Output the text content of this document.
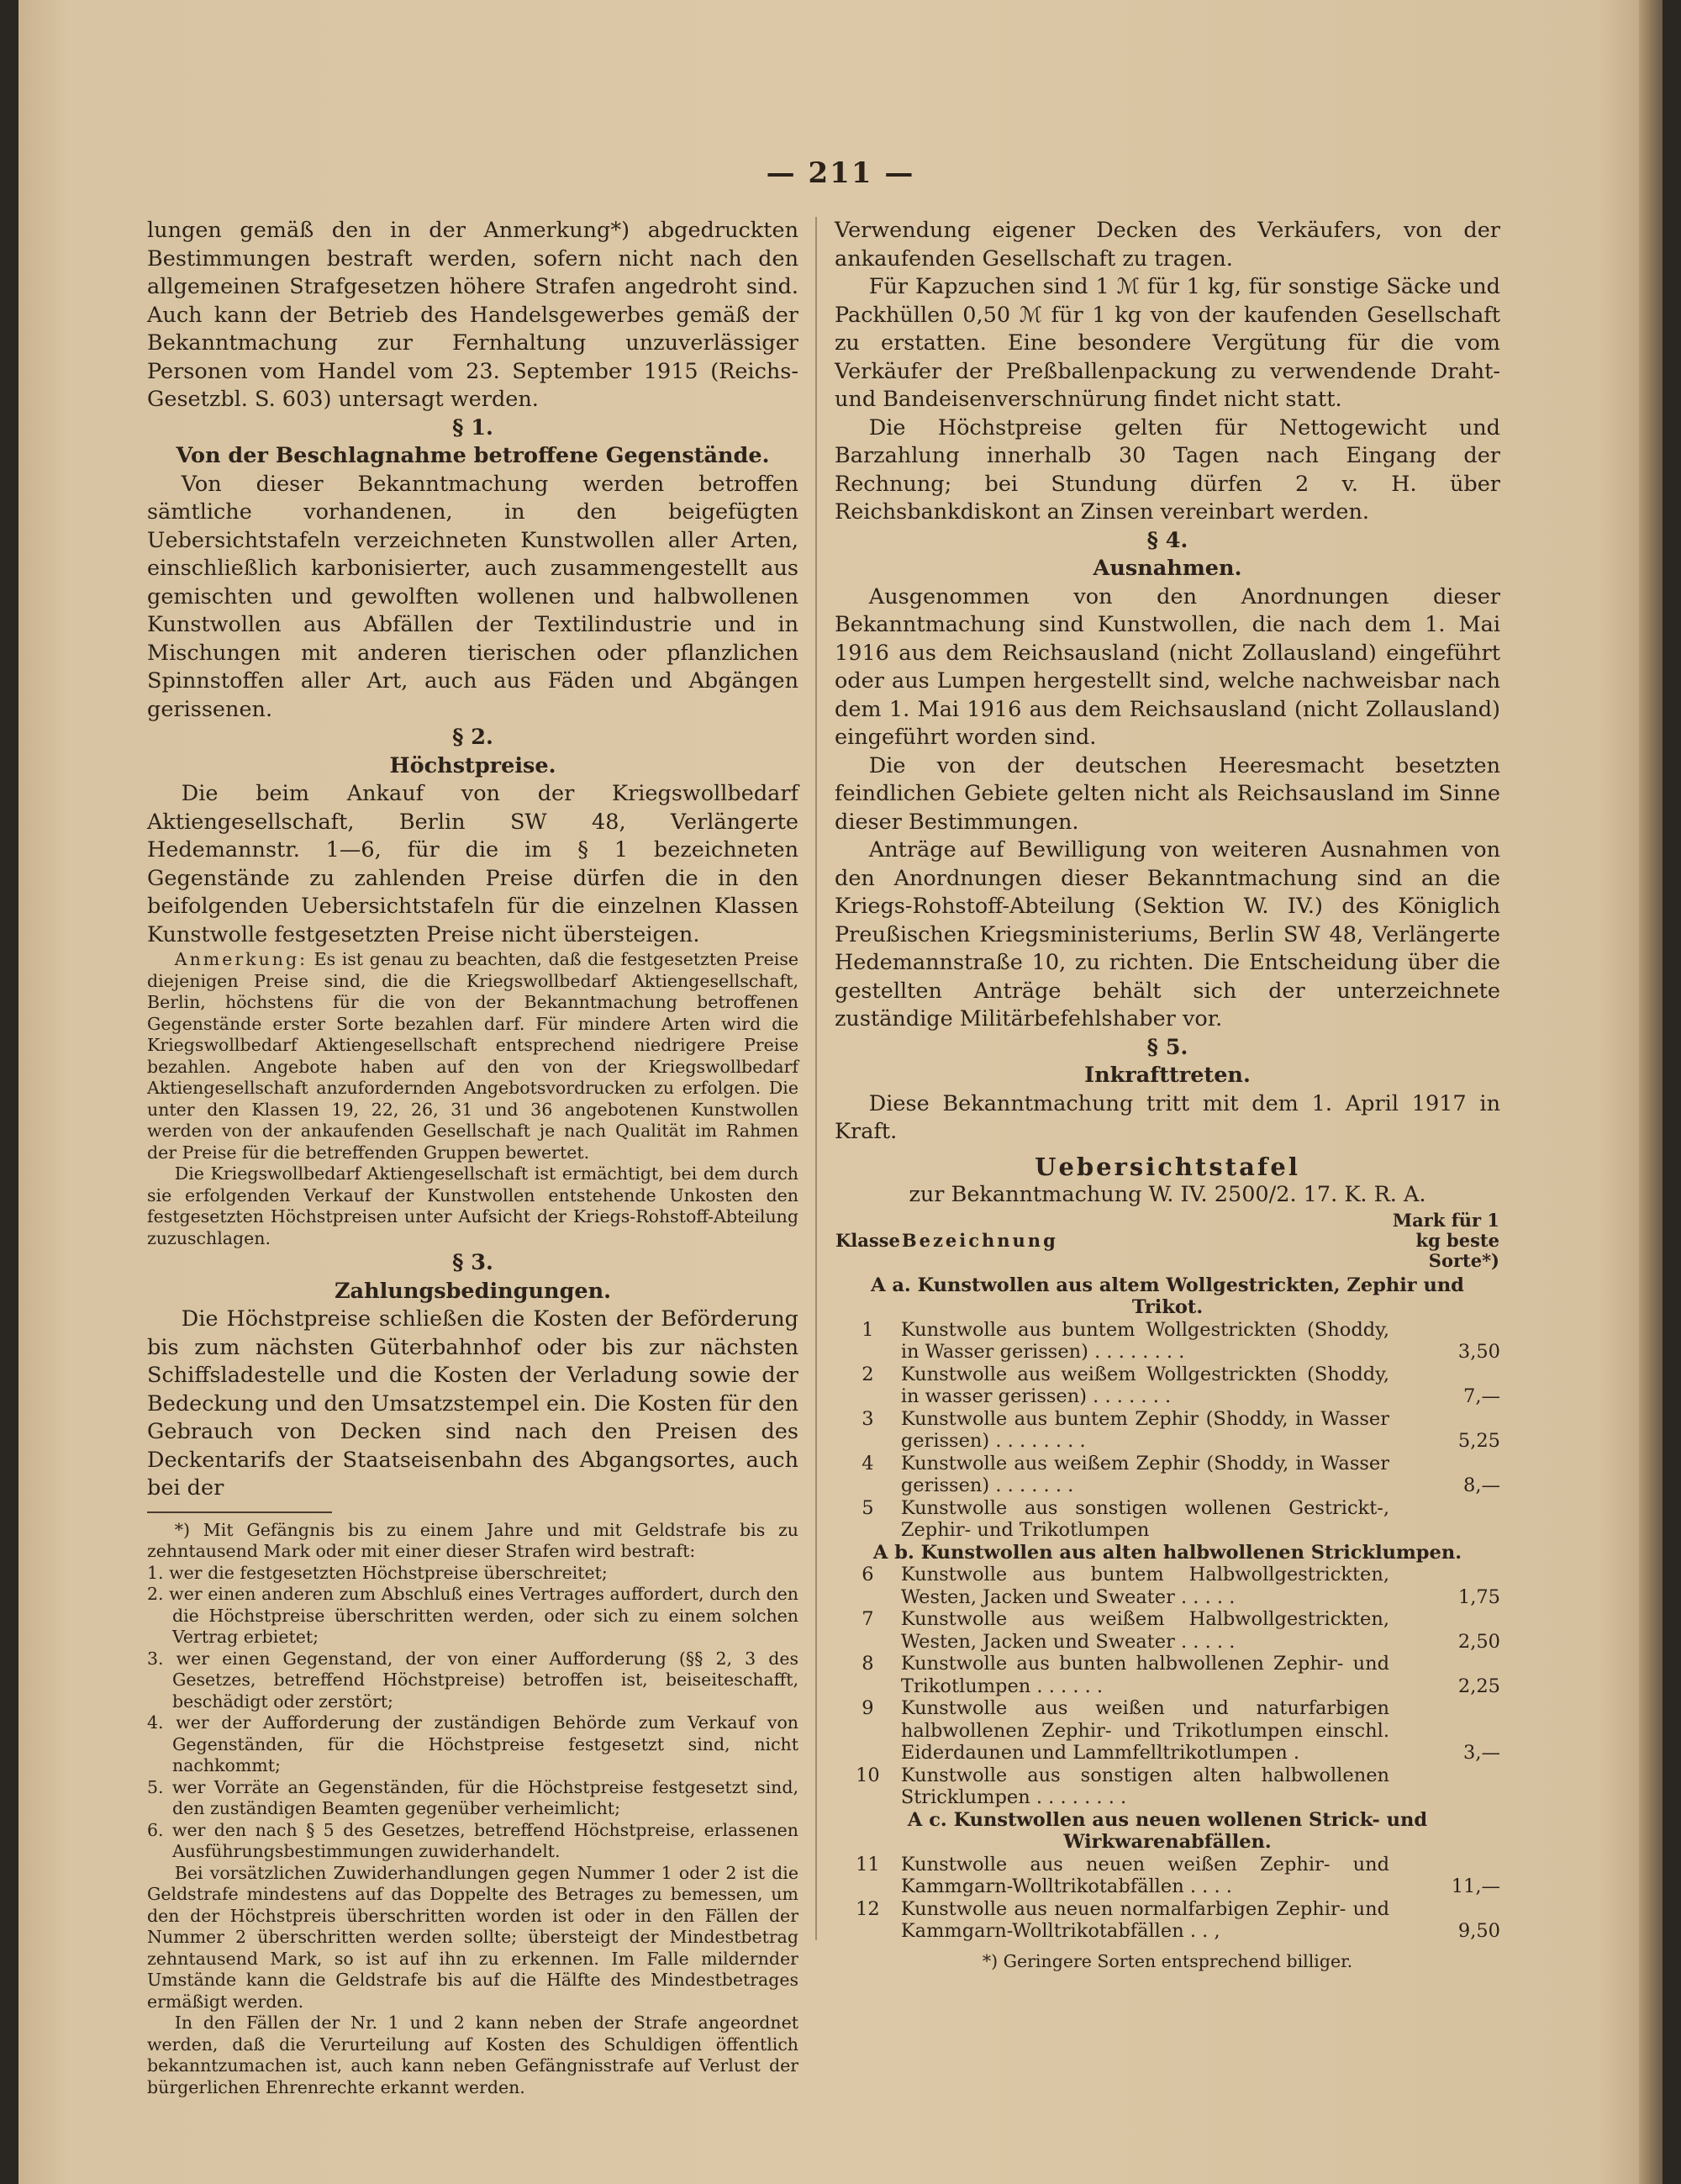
— 211 —

lungen gemäß den in der Anmerkung*) abgedruckten Bestimmungen bestraft werden, sofern nicht nach den allgemeinen Strafgesetzen höhere Strafen angedroht sind. Auch kann der Betrieb des Handelsgewerbes gemäß der Bekanntmachung zur Fernhaltung unzuverlässiger Personen vom Handel vom 23. September 1915 (Reichs-Gesetzbl. S. 603) untersagt werden.

§ 1.

Von der Beschlagnahme betroffene Gegenstände.

Von dieser Bekanntmachung werden betroffen sämtliche vorhandenen, in den beigefügten Uebersichtstafeln verzeichneten Kunstwollen aller Arten, einschließlich karbonisierter, auch zusammengestellt aus gemischten und gewolften wollenen und halbwollenen Kunstwollen aus Abfällen der Textilindustrie und in Mischungen mit anderen tierischen oder pflanzlichen Spinnstoffen aller Art, auch aus Fäden und Abgängen gerissenen.

§ 2.

Höchstpreise.

Die beim Ankauf von der Kriegswollbedarf Aktiengesellschaft, Berlin SW 48, Verlängerte Hedemannstr. 1—6, für die im § 1 bezeichneten Gegenstände zu zahlenden Preise dürfen die in den beifolgenden Uebersichtstafeln für die einzelnen Klassen Kunstwolle festgesetzten Preise nicht übersteigen.

Anmerkung: Es ist genau zu beachten, daß die festgesetzten Preise diejenigen Preise sind, die die Kriegswollbedarf Aktiengesellschaft, Berlin, höchstens für die von der Bekanntmachung betroffenen Gegenstände erster Sorte bezahlen darf. Für mindere Arten wird die Kriegswollbedarf Aktiengesellschaft entsprechend niedrigere Preise bezahlen. Angebote haben auf den von der Kriegswollbedarf Aktiengesellschaft anzufordernden Angebotsvordrucken zu erfolgen. Die unter den Klassen 19, 22, 26, 31 und 36 angebotenen Kunstwollen werden von der ankaufenden Gesellschaft je nach Qualität im Rahmen der Preise für die betreffenden Gruppen bewertet.

Die Kriegswollbedarf Aktiengesellschaft ist ermächtigt, bei dem durch sie erfolgenden Verkauf der Kunstwollen entstehende Unkosten den festgesetzten Höchstpreisen unter Aufsicht der Kriegs-Rohstoff-Abteilung zuzuschlagen.

§ 3.

Zahlungsbedingungen.

Die Höchstpreise schließen die Kosten der Beförderung bis zum nächsten Güterbahnhof oder bis zur nächsten Schiffsladestelle und die Kosten der Verladung sowie der Bedeckung und den Umsatzstempel ein. Die Kosten für den Gebrauch von Decken sind nach den Preisen des Deckentarifs der Staatseisenbahn des Abgangsortes, auch bei der

*) Mit Gefängnis bis zu einem Jahre und mit Geldstrafe bis zu zehntausend Mark oder mit einer dieser Strafen wird bestraft:

1. wer die festgesetzten Höchstpreise überschreitet;

2. wer einen anderen zum Abschluß eines Vertrages auffordert, durch den die Höchstpreise überschritten werden, oder sich zu einem solchen Vertrag erbietet;

3. wer einen Gegenstand, der von einer Aufforderung (§§ 2, 3 des Gesetzes, betreffend Höchstpreise) betroffen ist, beiseiteschafft, beschädigt oder zerstört;

4. wer der Aufforderung der zuständigen Behörde zum Verkauf von Gegenständen, für die Höchstpreise festgesetzt sind, nicht nachkommt;

5. wer Vorräte an Gegenständen, für die Höchstpreise festgesetzt sind, den zuständigen Beamten gegenüber verheimlicht;

6. wer den nach § 5 des Gesetzes, betreffend Höchstpreise, erlassenen Ausführungsbestimmungen zuwiderhandelt.

Bei vorsätzlichen Zuwiderhandlungen gegen Nummer 1 oder 2 ist die Geldstrafe mindestens auf das Doppelte des Betrages zu bemessen, um den der Höchstpreis überschritten worden ist oder in den Fällen der Nummer 2 überschritten werden sollte; übersteigt der Mindestbetrag zehntausend Mark, so ist auf ihn zu erkennen. Im Falle mildernder Umstände kann die Geldstrafe bis auf die Hälfte des Mindestbetrages ermäßigt werden.

In den Fällen der Nr. 1 und 2 kann neben der Strafe angeordnet werden, daß die Verurteilung auf Kosten des Schuldigen öffentlich bekanntzumachen ist, auch kann neben Gefängnisstrafe auf Verlust der bürgerlichen Ehrenrechte erkannt werden.

Verwendung eigener Decken des Verkäufers, von der ankaufenden Gesellschaft zu tragen.

Für Kapzuchen sind 1 ℳ für 1 kg, für sonstige Säcke und Packhüllen 0,50 ℳ für 1 kg von der kaufenden Gesellschaft zu erstatten. Eine besondere Vergütung für die vom Verkäufer der Preßballenpackung zu verwendende Draht- und Bandeisenverschnürung findet nicht statt.

Die Höchstpreise gelten für Nettogewicht und Barzahlung innerhalb 30 Tagen nach Eingang der Rechnung; bei Stundung dürfen 2 v. H. über Reichsbankdiskont an Zinsen vereinbart werden.

§ 4.

Ausnahmen.

Ausgenommen von den Anordnungen dieser Bekanntmachung sind Kunstwollen, die nach dem 1. Mai 1916 aus dem Reichsausland (nicht Zollausland) eingeführt oder aus Lumpen hergestellt sind, welche nachweisbar nach dem 1. Mai 1916 aus dem Reichsausland (nicht Zollausland) eingeführt worden sind.

Die von der deutschen Heeresmacht besetzten feindlichen Gebiete gelten nicht als Reichsausland im Sinne dieser Bestimmungen.

Anträge auf Bewilligung von weiteren Ausnahmen von den Anordnungen dieser Bekanntmachung sind an die Kriegs-Rohstoff-Abteilung (Sektion W. IV.) des Königlich Preußischen Kriegsministeriums, Berlin SW 48, Verlängerte Hedemannstraße 10, zu richten. Die Entscheidung über die gestellten Anträge behält sich der unterzeichnete zuständige Militärbefehlshaber vor.

§ 5.

Inkrafttreten.

Diese Bekanntmachung tritt mit dem 1. April 1917 in Kraft.

Uebersichtstafel

zur Bekanntmachung W. IV. 2500/2. 17. K. R. A.

Klasse	Bezeichnung	Mark für 1 kg beste Sorte*)
A a. Kunstwollen aus altem Wollgestrickten, Zephir und Trikot.		
1	Kunstwolle aus buntem Wollgestrickten (Shoddy, in Wasser gerissen) . . . . . . . .	3,50
2	Kunstwolle aus weißem Wollgestrickten (Shoddy, in wasser gerissen) . . . . . . .	7,—
3	Kunstwolle aus buntem Zephir (Shoddy, in Wasser gerissen) . . . . . . . .	5,25
4	Kunstwolle aus weißem Zephir (Shoddy, in Wasser gerissen) . . . . . . .	8,—
5	Kunstwolle aus sonstigen wollenen Gestrickt-, Zephir- und Trikotlumpen	
A b. Kunstwollen aus alten halbwollenen Stricklumpen.		
6	Kunstwolle aus buntem Halbwollgestrickten, Westen, Jacken und Sweater . . . . .	1,75
7	Kunstwolle aus weißem Halbwollgestrickten, Westen, Jacken und Sweater . . . . .	2,50
8	Kunstwolle aus bunten halbwollenen Zephir- und Trikotlumpen . . . . . .	2,25
9	Kunstwolle aus weißen und naturfarbigen halbwollenen Zephir- und Trikotlumpen einschl. Eiderdaunen und Lammfelltrikotlumpen .	3,—
10	Kunstwolle aus sonstigen alten halbwollenen Stricklumpen . . . . . . . .	
A c. Kunstwollen aus neuen wollenen Strick- und Wirkwarenabfällen.		
11	Kunstwolle aus neuen weißen Zephir- und Kammgarn-Wolltrikotabfällen . . . .	11,—
12	Kunstwolle aus neuen normalfarbigen Zephir- und Kammgarn-Wolltrikotabfällen . . ,	9,50

*) Geringere Sorten entsprechend billiger.
